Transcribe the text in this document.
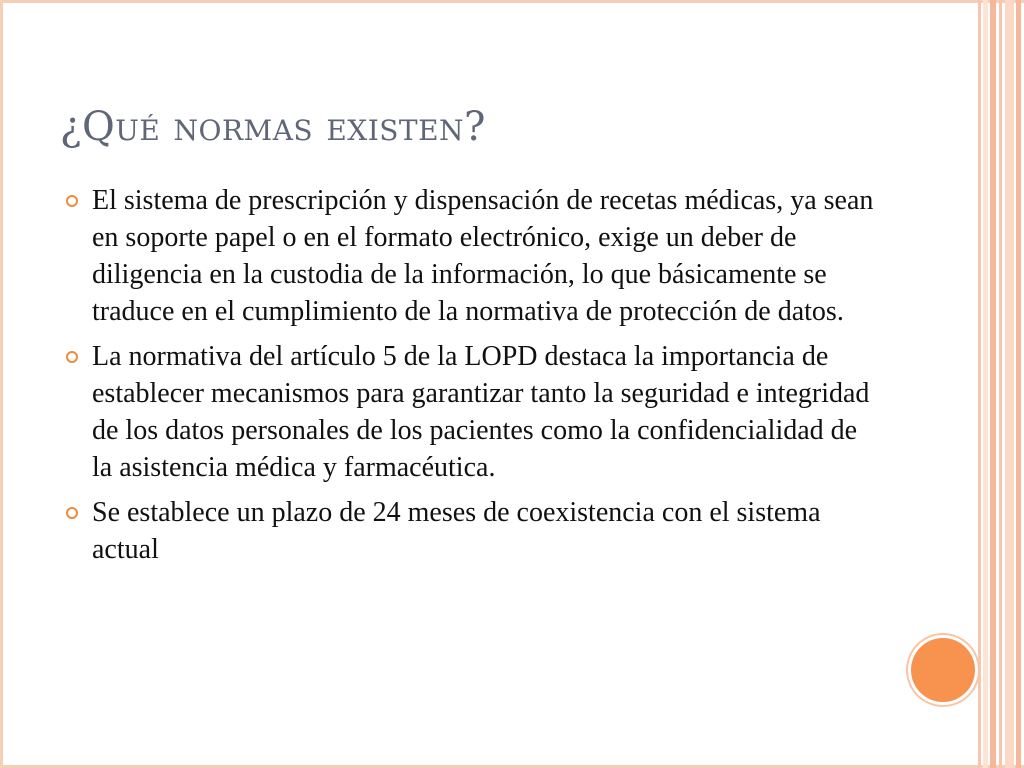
¿Qué normas existen?
El sistema de prescripción y dispensación de recetas médicas, ya sean en soporte papel o en el formato electrónico, exige un deber de diligencia en la custodia de la información, lo que básicamente se traduce en el cumplimiento de la normativa de protección de datos.
La normativa del artículo 5 de la LOPD destaca la importancia de establecer mecanismos para garantizar tanto la seguridad e integridad de los datos personales de los pacientes como la confidencialidad de la asistencia médica y farmacéutica.
Se establece un plazo de 24 meses de coexistencia con el sistema actual
